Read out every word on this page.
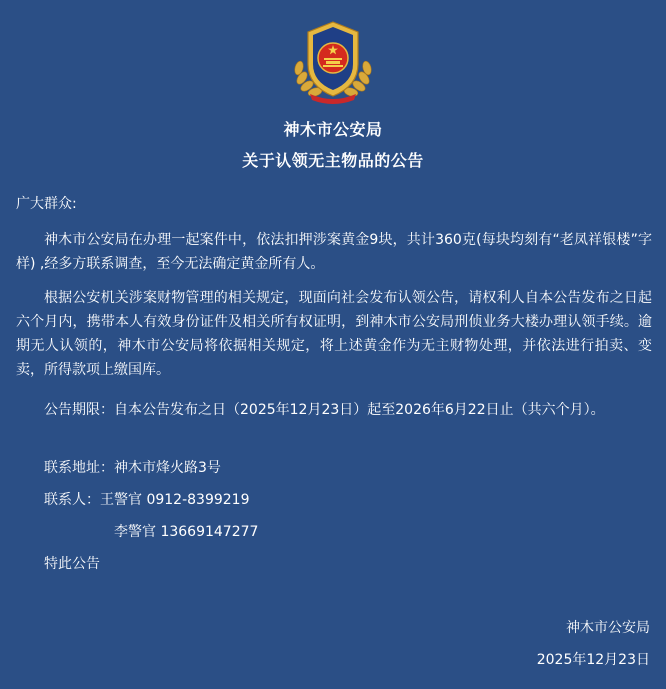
神木市公安局
关于认领无主物品的公告
广大群众:
神木市公安局在办理一起案件中，依法扣押涉案黄金9块，共计360克(每块均刻有“老凤祥银楼”字样) ,经多方联系调查，至今无法确定黄金所有人。
根据公安机关涉案财物管理的相关规定，现面向社会发布认领公告，请权利人自本公告发布之日起六个月内，携带本人有效身份证件及相关所有权证明，到神木市公安局刑侦业务大楼办理认领手续。逾期无人认领的，神木市公安局将依据相关规定，将上述黄金作为无主财物处理，并依法进行拍卖、变卖，所得款项上缴国库。
公告期限：自本公告发布之日（2025年12月23日）起至2026年6月22日止（共六个月）。
联系地址：神木市烽火路3号
联系人：王警官 0912-8399219
李警官 13669147277
特此公告
神木市公安局
2025年12月23日
